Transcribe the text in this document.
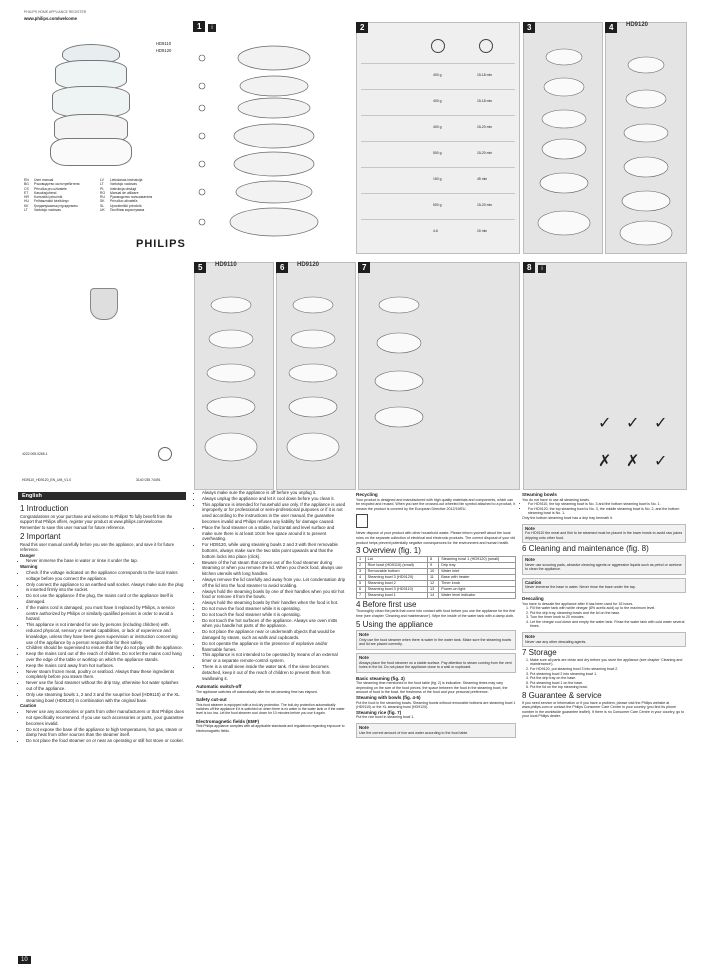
PHILIPS HOME APPLIANCE REGISTER
www.philips.com/welcome
HD9110
HD9120
EN	User manual	LV	Lietošanas instrukcija
BG	Ръководство за потребителя	LT	Vartotojo vadovas
CS	Příručka pro uživatele	PL	Instrukcja obsługi
ET	Kasutusjuhend	RO	Manual de utilizare
HR	Korisnički priručnik	RU	Руководство пользователя
HU	Felhasználói kézikönyv	SK	Príručka užívateľa
KK	Қолданушының нұсқаулығы	SL	Uporabniški priročnik
LT	Vartotojo vadovas	UK	Посібник користувача
PHILIPS
1	i	2
400 g	15-18 min
400 g	15-18 min
400 g	15-20 min
500 g	15-20 min
150 g	45 min
500 g	15-20 min
4-6	15 min
3	4	HD9120
4222.005.0265.1
HD9110_HD9120_EN_UM_V1.0	3140 035 74491
5	HD9110	6	HD9120	7	8	i
✓ ✓ ✓
✗ ✗ ✓
English
1 Introduction
Congratulations on your purchase and welcome to Philips! To fully benefit from the support that Philips offers, register your product at www.philips.com/welcome.
Remember to save this user manual for future reference.
2 Important
Read this user manual carefully before you use the appliance, and save it for future reference.
Danger
• Never immerse the base in water or rinse it under the tap.
Warning
• Check if the voltage indicated on the appliance corresponds to the local mains voltage before you connect the appliance.
• Only connect the appliance to an earthed wall socket. Always make sure the plug is inserted firmly into the socket.
• Do not use the appliance if the plug, the mains cord or the appliance itself is damaged.
• If the mains cord is damaged, you must have it replaced by Philips, a service centre authorized by Philips or similarly qualified persons in order to avoid a hazard.
• This appliance is not intended for use by persons (including children) with reduced physical, sensory or mental capabilities, or lack of experience and knowledge, unless they have been given supervision or instruction concerning use of the appliance by a person responsible for their safety.
• Children should be supervised to ensure that they do not play with the appliance.
• Keep the mains cord out of the reach of children. Do not let the mains cord hang over the edge of the table or worktop on which the appliance stands.
• Keep the mains cord away from hot surfaces.
• Never steam frozen meat, poultry or seafood. Always thaw these ingredients completely before you steam them.
• Never use the food steamer without the drip tray, otherwise hot water splashes out of the appliance.
• Only use steaming bowls 1, 2 and 3 and the soup/rice bowl (HD9110) or the XL steaming bowl (HD9120) in combination with the original base.
Caution
• Never use any accessories or parts from other manufacturers or that Philips does not specifically recommend. If you use such accessories or parts, your guarantee becomes invalid.
• Do not expose the base of the appliance to high temperatures, hot gas, steam or damp heat from other sources than the steamer itself.
• Do not place the food steamer on or near an operating or still hot stove or cooker.
• Always make sure the appliance is off before you unplug it.
• Always unplug the appliance and let it cool down before you clean it.
• This appliance is intended for household use only. If the appliance is used improperly or for professional or semi-professional purposes or if it is not used according to the instructions in the user manual, the guarantee becomes invalid and Philips refuses any liability for damage caused.
• Place the food steamer on a stable, horizontal and level surface and make sure there is at least 10cm free space around it to prevent overheating.
• For HD9120, while using steaming bowls 2 and 3 with their removable bottoms, always make sure the two tabs point upwards and that the bottom locks into place (click).
• Beware of the hot steam that comes out of the food steamer during steaming or when you remove the lid. When you check food, always use kitchen utensils with long handles.
• Always remove the lid carefully and away from you. Let condensation drip off the lid into the food steamer to avoid scalding.
• Always hold the steaming bowls by one of their handles when you stir hot food or remove it from the bowls.
• Always hold the steaming bowls by their handles when the food is hot.
• Do not move the food steamer while it is operating.
• Do not touch the food steamer while it is operating.
• Do not touch the hot surfaces of the appliance. Always use oven mitts when you handle hot parts of the appliance.
• Do not place the appliance near or underneath objects that would be damaged by steam, such as walls and cupboards.
• Do not operate the appliance in the presence of explosive and/or flammable fumes.
• This appliance is not intended to be operated by means of an external timer or a separate remote-control system.
• There is a small sieve inside the water tank. If the sieve becomes detached, keep it out of the reach of children to prevent them from swallowing it.
Automatic switch-off
The appliance switches off automatically after the set steaming time has elapsed.
Safety cut-out
This food steamer is equipped with a boil-dry protection. The boil-dry protection automatically switches off the appliance if it is switched on when there is no water in the water tank or if the water level is too low. Let the food steamer cool down for 10 minutes before you use it again.
Electromagnetic fields (EMF)
This Philips appliance complies with all applicable standards and regulations regarding exposure to electromagnetic fields.
Recycling
Your product is designed and manufactured with high quality materials and components, which can be recycled and reused. When you see the crossed-out wheeled bin symbol attached to a product, it means the product is covered by the European Directive 2012/19/EU.
Never dispose of your product with other household waste. Please inform yourself about the local rules on the separate collection of electrical and electronic products. The correct disposal of your old product helps prevent potentially negative consequences for the environment and human health.
3 Overview (fig. 1)
1	Lid	8	Steaming bowl 1 (HD9120) (small)
2	Rice bowl (HD9110) (small)	9	Drip tray
3	Removable bottom	10	Water inlet
4	Steaming bowl 3 (HD9120)	11	Base with heater
5	Steaming bowl 2	12	Timer knob
6	Steaming bowl 3 (HD9110)	13	Power-on light
7	Steaming bowl 1	14	Water level indicator
4 Before first use
Thoroughly clean the parts that come into contact with food before you use the appliance for the first time (see chapter 'Cleaning and maintenance'). Wipe the inside of the water tank with a damp cloth.
5 Using the appliance
Note
Only use the food steamer when there is water in the water tank. Make sure the steaming bowls and lid are placed correctly.
Note
Always place the food steamer on a stable surface. Pay attention to steam coming from the vent holes in the lid. Do not place the appliance close to a wall or cupboard.
Basic steaming (fig. 3)
The steaming time mentioned in the food table (fig. 2) is indicative. Steaming times may vary depending on the size of the food pieces, the space between the food in the steaming bowl, the amount of food in the bowl, the freshness of the food and your personal preference.
Steaming with bowls (fig. 4-5)
Put the food in the steaming bowls. Steaming bowls without removable bottoms are steaming bowl 1 (HD9110) or the XL steaming bowl (HD9120).
Steaming rice (fig. 7)
Put the rice bowl in steaming bowl 1.
Note
Use the correct amount of rice and water according to the food table.
Steaming bowls
You do not have to use all steaming bowls.
• For HD9110, the top steaming bowl is No. 3 and the bottom steaming bowl is No. 1.
• For HD9120, the top steaming bowl is No. 3, the middle steaming bowl is No. 2, and the bottom steaming bowl is No. 1.
Only the bottom steaming bowl has a drip tray beneath it.
Note
For HD9110 the meat and fish to be steamed must be placed in the lower bowls to avoid raw juices dripping onto other food.
6 Cleaning and maintenance (fig. 8)
Note
Never use scouring pads, abrasive cleaning agents or aggressive liquids such as petrol or acetone to clean the appliance.
Caution
Never immerse the base in water. Never rinse the base under the tap.
Descaling
You have to descale the appliance after it has been used for 15 hours.
1. Fill the water tank with white vinegar (8% acetic acid) up to the maximum level.
2. Put the drip tray, steaming bowls and the lid on the base.
3. Turn the timer knob to 20 minutes.
4. Let the vinegar cool down and empty the water tank. Rinse the water tank with cold water several times.
Note
Never use any other descaling agents.
7 Storage
1. Make sure all parts are clean and dry before you store the appliance (see chapter 'Cleaning and maintenance').
2. For HD9120, put steaming bowl 3 into steaming bowl 2.
3. Put steaming bowl 2 into steaming bowl 1.
4. Put the drip tray on the base.
5. Put steaming bowl 1 on the base.
6. Put the lid on the top steaming bowl.
8 Guarantee & service
If you need service or information or if you have a problem, please visit the Philips website at www.philips.com or contact the Philips Consumer Care Centre in your country (you find its phone number in the worldwide guarantee leaflet). If there is no Consumer Care Centre in your country, go to your local Philips dealer.
10
